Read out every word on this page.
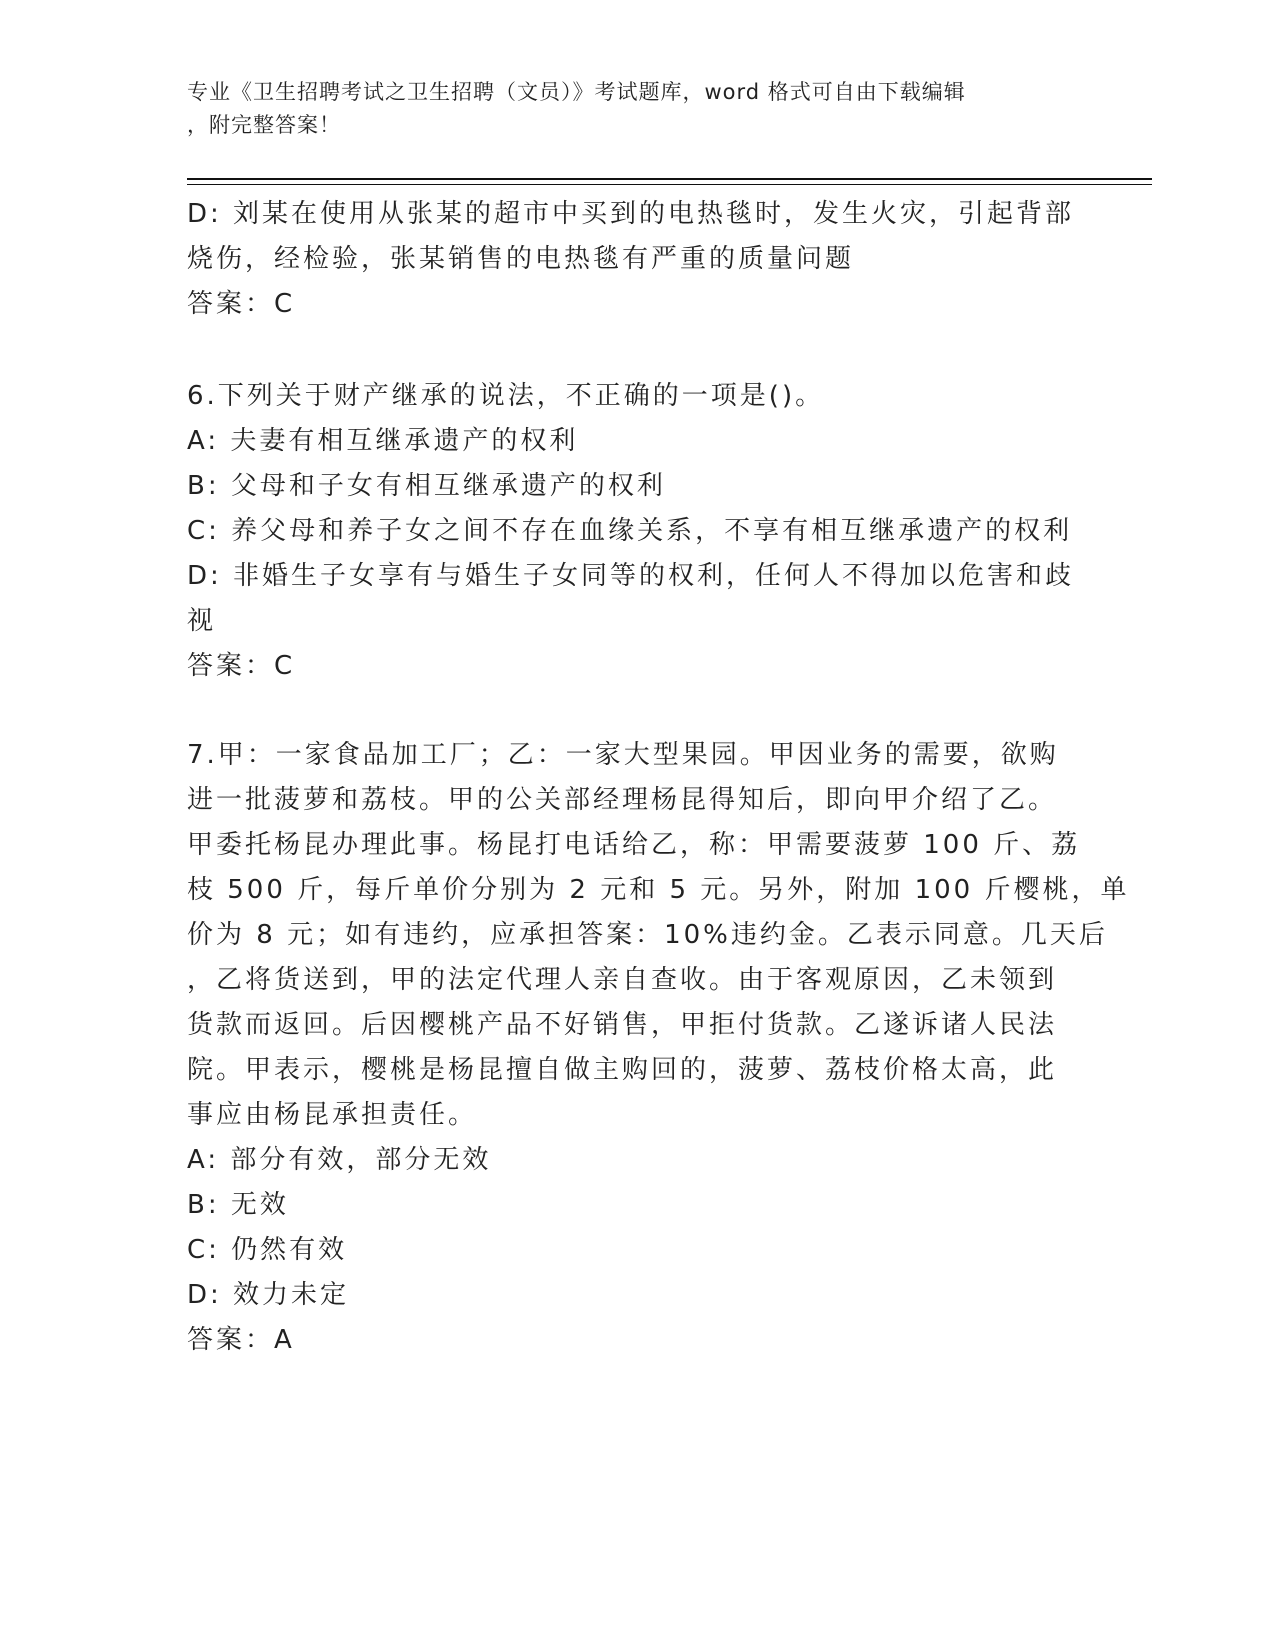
专业《卫生招聘考试之卫生招聘（文员）》考试题库，word 格式可自由下载编辑
，附完整答案！
D: 刘某在使用从张某的超市中买到的电热毯时，发生火灾，引起背部
烧伤，经检验，张某销售的电热毯有严重的质量问题
答案：C
6.下列关于财产继承的说法，不正确的一项是()。
A: 夫妻有相互继承遗产的权利
B: 父母和子女有相互继承遗产的权利
C: 养父母和养子女之间不存在血缘关系，不享有相互继承遗产的权利
D: 非婚生子女享有与婚生子女同等的权利，任何人不得加以危害和歧
视
答案：C
7.甲：一家食品加工厂；乙：一家大型果园。甲因业务的需要，欲购
进一批菠萝和荔枝。甲的公关部经理杨昆得知后，即向甲介绍了乙。
甲委托杨昆办理此事。杨昆打电话给乙，称：甲需要菠萝 100 斤、荔
枝 500 斤，每斤单价分别为 2 元和 5 元。另外，附加 100 斤樱桃，单
价为 8 元；如有违约，应承担答案：10%违约金。乙表示同意。几天后
，乙将货送到，甲的法定代理人亲自查收。由于客观原因，乙未领到
货款而返回。后因樱桃产品不好销售，甲拒付货款。乙遂诉诸人民法
院。甲表示，樱桃是杨昆擅自做主购回的，菠萝、荔枝价格太高，此
事应由杨昆承担责任。
A: 部分有效，部分无效
B: 无效
C: 仍然有效
D: 效力未定
答案：A
